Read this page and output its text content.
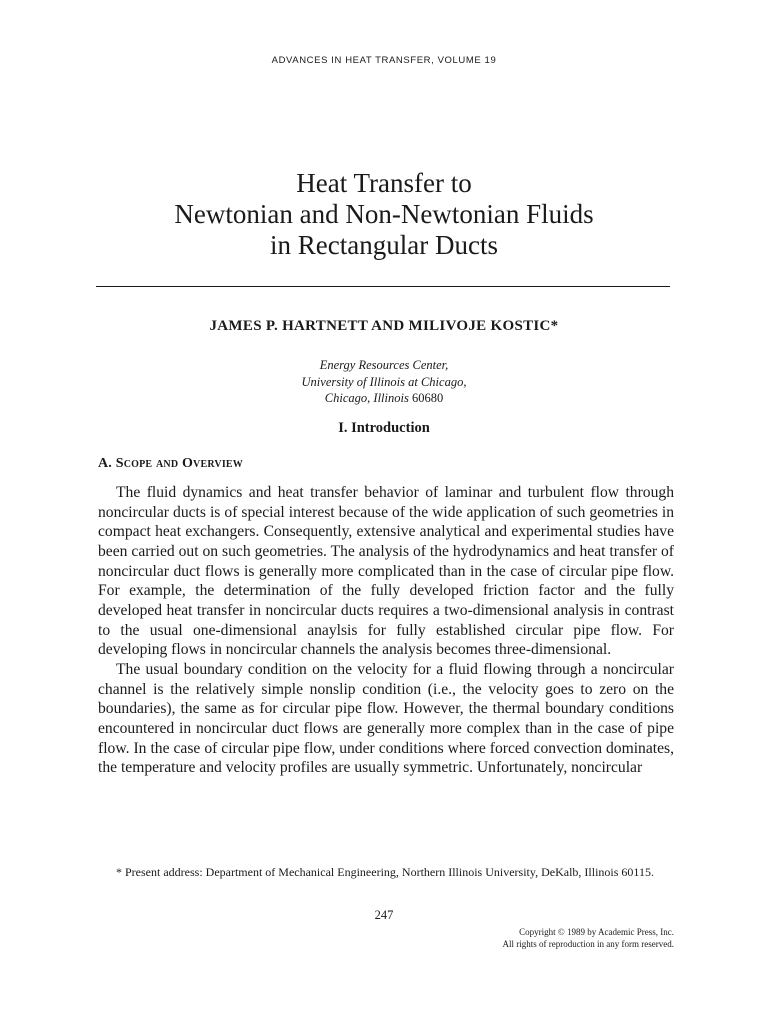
ADVANCES IN HEAT TRANSFER, VOLUME 19
Heat Transfer to
Newtonian and Non-Newtonian Fluids
in Rectangular Ducts
JAMES P. HARTNETT AND MILIVOJE KOSTIC*
Energy Resources Center,
University of Illinois at Chicago,
Chicago, Illinois 60680
I. Introduction
A. Scope and Overview

The fluid dynamics and heat transfer behavior of laminar and turbulent flow through noncircular ducts is of special interest because of the wide application of such geometries in compact heat exchangers. Consequently, extensive analytical and experimental studies have been carried out on such geometries. The analysis of the hydrodynamics and heat transfer of noncircular duct flows is generally more complicated than in the case of circular pipe flow. For example, the determination of the fully developed friction factor and the fully developed heat transfer in noncircular ducts requires a two-dimensional analysis in contrast to the usual one-dimensional anaylsis for fully established circular pipe flow. For developing flows in noncircular channels the analysis becomes three-dimensional.

The usual boundary condition on the velocity for a fluid flowing through a noncircular channel is the relatively simple nonslip condition (i.e., the velocity goes to zero on the boundaries), the same as for circular pipe flow. However, the thermal boundary conditions encountered in noncircular duct flows are generally more complex than in the case of pipe flow. In the case of circular pipe flow, under conditions where forced convection dominates, the temperature and velocity profiles are usually symmetric. Unfortunately, noncircular

* Present address: Department of Mechanical Engineering, Northern Illinois University, DeKalb, Illinois 60115.

247
Copyright © 1989 by Academic Press, Inc.
All rights of reproduction in any form reserved.
